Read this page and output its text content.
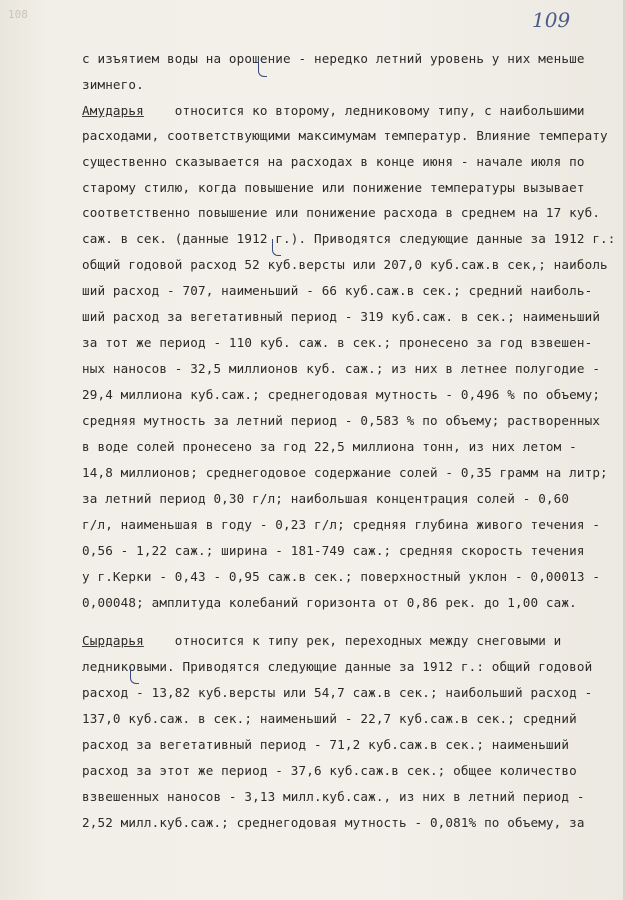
108	109
с изъятием воды на орошение - нередко летний уровень у них меньше
зимнего.
Амударья    относится ко второму, ледниковому типу, с наибольшими
расходами, соответствующими максимумам температур. Влияние температу
существенно сказывается на расходах в конце июня - начале июля по
старому стилю, когда повышение или понижение температуры вызывает
соответственно повышение или понижение расхода в среднем на 17 куб.
саж. в сек. (данные 1912 г.). Приводятся следующие данные за 1912 г.:
общий годовой расход 52 куб.версты или 207,0 куб.саж.в сек,; наиболь
ший расход - 707, наименьший - 66 куб.саж.в сек.; средний наиболь-
ший расход за вегетативный период - 319 куб.саж. в сек.; наименьший
за тот же период - 110 куб. саж. в сек.; пронесено за год взвешен-
ных наносов - 32,5 миллионов куб. саж.; из них в летнее полугодие -
29,4 миллиона куб.саж.; среднегодовая мутность - 0,496 % по объему;
средняя мутность за летний период - 0,583 % по объему; растворенных
в воде солей пронесено за год 22,5 миллиона тонн, из них летом -
14,8 миллионов; среднегодовое содержание солей - 0,35 грамм на литр;
за летний период 0,30 г/л; наибольшая концентрация солей - 0,60
г/л, наименьшая в году - 0,23 г/л; средняя глубина живого течения -
0,56 - 1,22 саж.; ширина - 181-749 саж.; средняя скорость течения
у г.Керки - 0,43 - 0,95 саж.в сек.; поверхностный уклон - 0,00013 -
0,00048; амплитуда колебаний горизонта от 0,86 рек. до 1,00 саж.
Сырдарья    относится к типу рек, переходных между снеговыми и
ледниковыми. Приводятся следующие данные за 1912 г.: общий годовой
расход - 13,82 куб.версты или 54,7 саж.в сек.; наибольший расход -
137,0 куб.саж. в сек.; наименьший - 22,7 куб.саж.в сек.; средний
расход за вегетативный период - 71,2 куб.саж.в сек.; наименьший
расход за этот же период - 37,6 куб.саж.в сек.; общее количество
взвешенных наносов - 3,13 милл.куб.саж., из них в летний период -
2,52 милл.куб.саж.; среднегодовая мутность - 0,081% по объему, за
